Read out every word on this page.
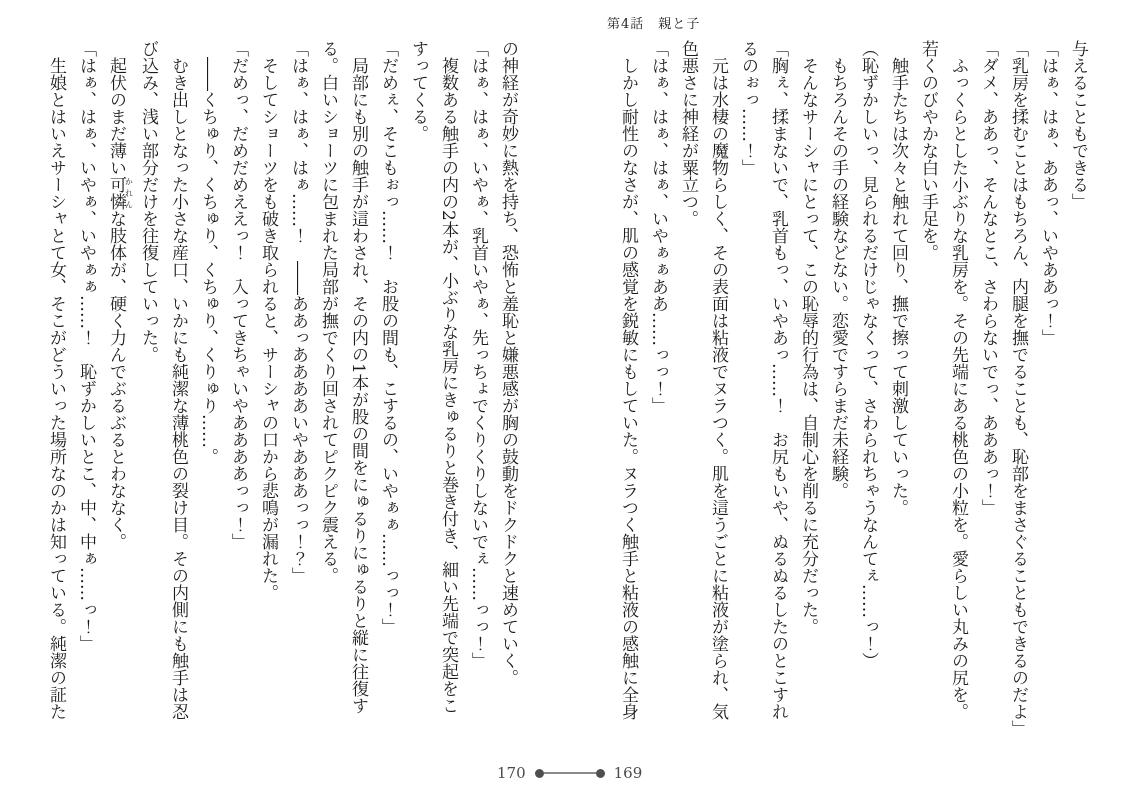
第4話　親と子

与えることもできる」

「はぁ、はぁ、ああっ、いやああっ！」

「乳房を揉むことはもちろん、内腿を撫でることも、恥部をまさぐることもできるのだよ」

「ダメ、ああっ、そんなとこ、さわらないでっ、あああっ！」

ふっくらとした小ぶりな乳房を。その先端にある桃色の小粒を。愛らしい丸みの尻を。

若くのびやかな白い手足を。

触手たちは次々と触れて回り、撫で擦って刺激していった。

（恥ずかしいっ、見られるだけじゃなくって、さわられちゃうなんてぇ……っ！）

もちろんその手の経験などない。恋愛ですらまだ未経験。

そんなサーシャにとって、この恥辱的行為は、自制心を削るに充分だった。

「胸ぇ、揉まないで、乳首もっ、いやあっ……！　お尻もいや、ぬるぬるしたのとこすれ

るのぉっ……！」

元は水棲の魔物らしく、その表面は粘液でヌラつく。肌を這うごとに粘液が塗られ、気

色悪さに神経が粟立つ。

「はぁ、はぁ、はぁ、いやぁぁああ……っっ！」

しかし耐性のなさが、肌の感覚を鋭敏にもしていた。ヌラつく触手と粘液の感触に全身

の神経が奇妙に熱を持ち、恐怖と羞恥と嫌悪感が胸の鼓動をドクドクと速めていく。

「はぁ、はぁ、いやぁ、乳首いやぁ、先っちょでくりくりしないでぇ……っっ！」

複数ある触手の内の2本が、小ぶりな乳房にきゅるりと巻き付き、細い先端で突起をこ

すってくる。

「だめぇ、そこもぉっ……！　お股の間も、こするの、いやぁぁ……っっ！」

局部にも別の触手が這わされ、その内の1本が股の間をにゅるりにゅるりと縦に往復す

る。白いショーツに包まれた局部が撫でくり回されてピクピク震える。

「はぁ、はぁ、はぁ……！　――ああっああああいやあああっっ！？」

そしてショーツをも破き取られると、サーシャの口から悲鳴が漏れた。

「だめっ、だめだめええっ！　入ってきちゃいやああああっっ！」

――くちゅり、くちゅり、くちゅり、くりゅり……。

むき出しとなった小さな産口、いかにも純潔な薄桃色の裂け目。その内側にも触手は忍

び込み、浅い部分だけを往復していった。

起伏のまだ薄い可憐かれんな肢体が、硬く力んでぶるぶるとわななく。

「はぁ、はぁ、いやぁ、いやぁぁ……！　恥ずかしいとこ、中、中ぁ……っ！」

生娘とはいえサーシャとて女、そこがどういった場所なのかは知っている。純潔の証た

170	169
